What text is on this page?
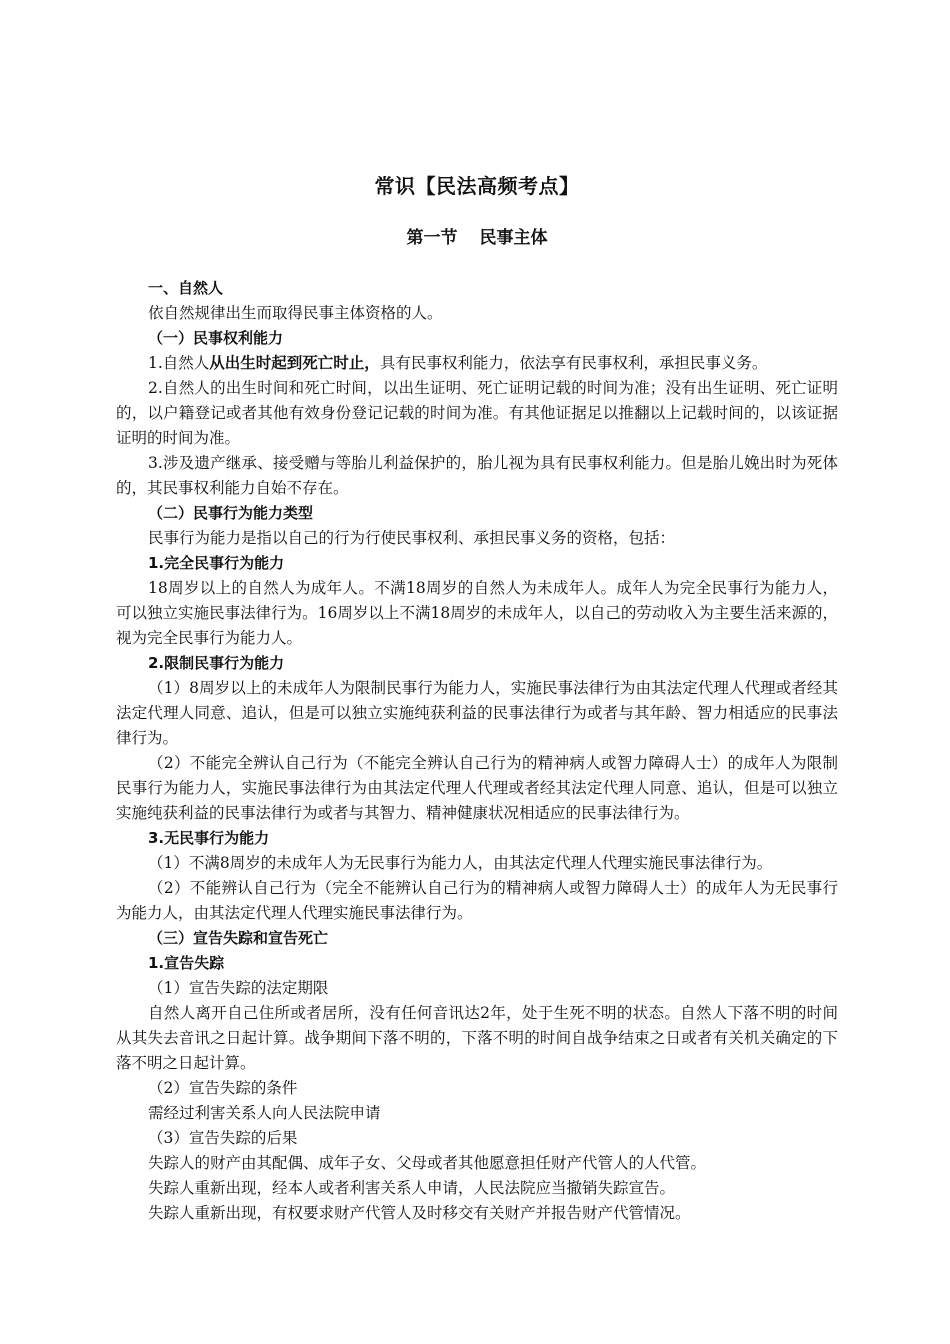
常识【民法高频考点】
第一节 民事主体

一、自然人

依自然规律出生而取得民事主体资格的人。

（一）民事权利能力

1.自然人从出生时起到死亡时止，具有民事权利能力，依法享有民事权利，承担民事义务。

2.自然人的出生时间和死亡时间，以出生证明、死亡证明记载的时间为准；没有出生证明、死亡证明的，以户籍登记或者其他有效身份登记记载的时间为准。有其他证据足以推翻以上记载时间的，以该证据证明的时间为准。

3.涉及遗产继承、接受赠与等胎儿利益保护的，胎儿视为具有民事权利能力。但是胎儿娩出时为死体的，其民事权利能力自始不存在。

（二）民事行为能力类型

民事行为能力是指以自己的行为行使民事权利、承担民事义务的资格，包括：

1.完全民事行为能力

18周岁以上的自然人为成年人。不满18周岁的自然人为未成年人。成年人为完全民事行为能力人，可以独立实施民事法律行为。16周岁以上不满18周岁的未成年人，以自己的劳动收入为主要生活来源的，视为完全民事行为能力人。

2.限制民事行为能力

（1）8周岁以上的未成年人为限制民事行为能力人，实施民事法律行为由其法定代理人代理或者经其法定代理人同意、追认，但是可以独立实施纯获利益的民事法律行为或者与其年龄、智力相适应的民事法律行为。

（2）不能完全辨认自己行为（不能完全辨认自己行为的精神病人或智力障碍人士）的成年人为限制民事行为能力人，实施民事法律行为由其法定代理人代理或者经其法定代理人同意、追认，但是可以独立实施纯获利益的民事法律行为或者与其智力、精神健康状况相适应的民事法律行为。

3.无民事行为能力

（1）不满8周岁的未成年人为无民事行为能力人，由其法定代理人代理实施民事法律行为。

（2）不能辨认自己行为（完全不能辨认自己行为的精神病人或智力障碍人士）的成年人为无民事行为能力人，由其法定代理人代理实施民事法律行为。

（三）宣告失踪和宣告死亡

1.宣告失踪

（1）宣告失踪的法定期限

自然人离开自己住所或者居所，没有任何音讯达2年，处于生死不明的状态。自然人下落不明的时间从其失去音讯之日起计算。战争期间下落不明的，下落不明的时间自战争结束之日或者有关机关确定的下落不明之日起计算。

（2）宣告失踪的条件

需经过利害关系人向人民法院申请

（3）宣告失踪的后果

失踪人的财产由其配偶、成年子女、父母或者其他愿意担任财产代管人的人代管。

失踪人重新出现，经本人或者利害关系人申请，人民法院应当撤销失踪宣告。

失踪人重新出现，有权要求财产代管人及时移交有关财产并报告财产代管情况。
